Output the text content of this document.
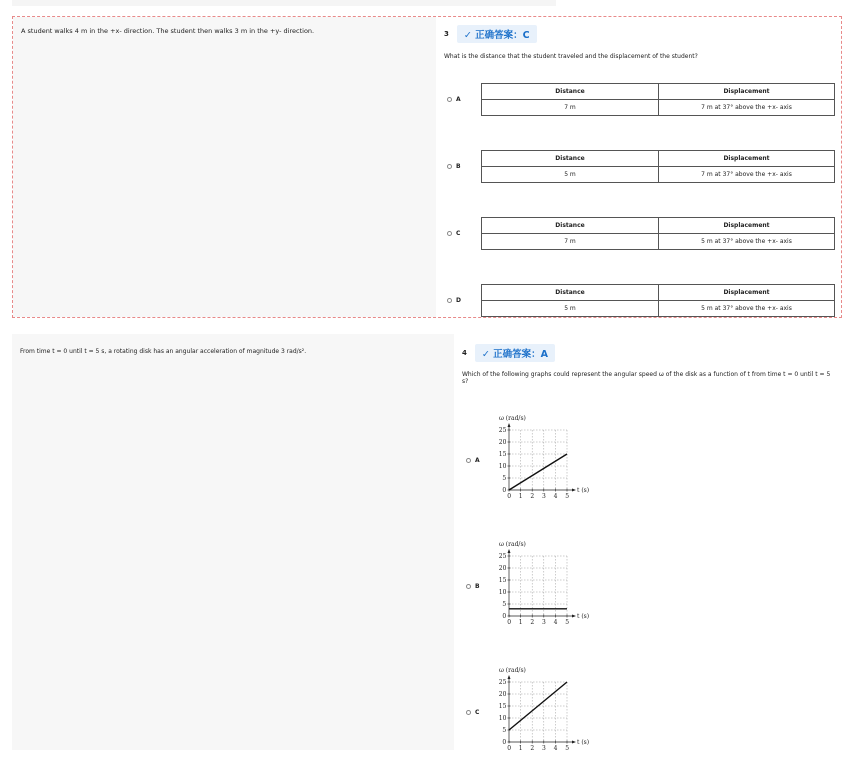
A student walks 4 m in the +x- direction. The student then walks 3 m in the +y- direction.	3	✓ 正确答案：C
What is the distance that the student traveled and the displacement of the student?
A
Distance	Displacement
7 m	7 m at 37° above the +x- axis
B
Distance	Displacement
5 m	7 m at 37° above the +x- axis
C
Distance	Displacement
7 m	5 m at 37° above the +x- axis
D
Distance	Displacement
5 m	5 m at 37° above the +x- axis
From time t = 0 until t = 5 s, a rotating disk has an angular acceleration of magnitude 3 rad/s².	4	✓ 正确答案：A
Which of the following graphs could represent the angular speed ω of the disk as a function of t from time t = 0 until t = 5 s?
A
ω (rad/s)
0 1 2 3 4 5
0
5
10
15
20
25
t (s)
B
ω (rad/s)
0 1 2 3 4 5
0
5
10
15
20
25
t (s)
C
ω (rad/s)
0 1 2 3 4 5
0
5
10
15
20
25
t (s)
